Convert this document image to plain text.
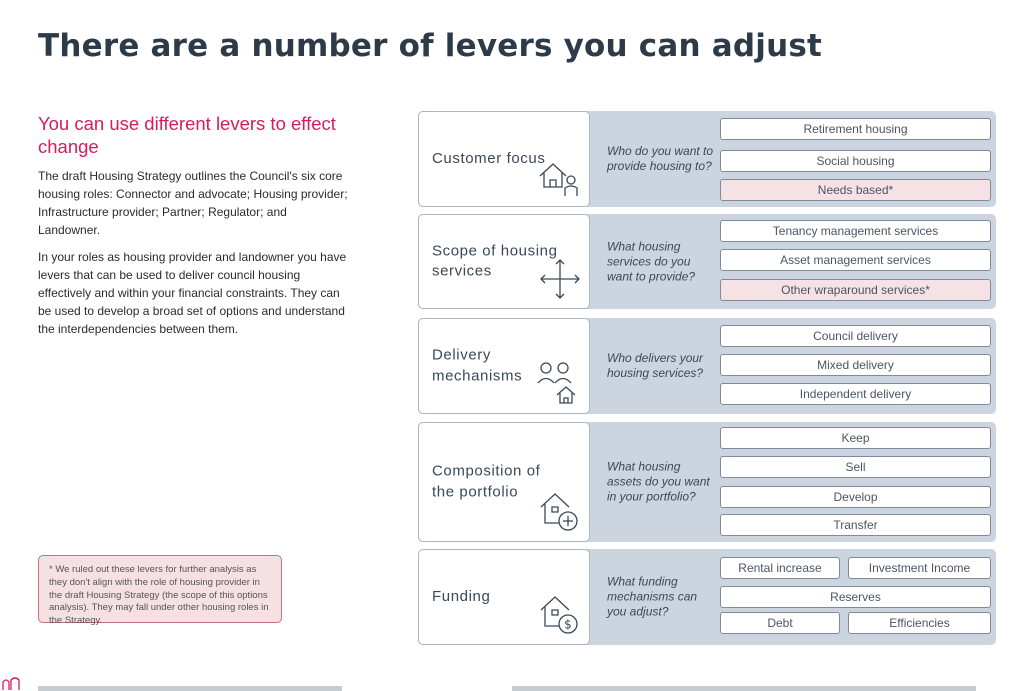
There are a number of levers you can adjust
You can use different levers to effect change
The draft Housing Strategy outlines the Council's six core housing roles: Connector and advocate; Housing provider; Infrastructure provider; Partner; Regulator; and Landowner.
In your roles as housing provider and landowner you have levers that can be used to deliver council housing effectively and within your financial constraints. They can be used to develop a broad set of options and understand the interdependencies between them.
* We ruled out these levers for further analysis as they don't align with the role of housing provider in the draft Housing Strategy (the scope of this options analysis). They may fall under other housing roles in the Strategy.
Customer focus	Who do you want to provide housing to?
Retirement housing
Social housing
Needs based*
Scope of housing services
What housing services do you want to provide?
Tenancy management services
Asset management services
Other wraparound services*
Delivery mechanisms
Who delivers your housing services?
Council delivery
Mixed delivery
Independent delivery
Composition of the portfolio
What housing assets do you want in your portfolio?
Keep
Sell
Develop
Transfer
Funding
$
What funding mechanisms can you adjust?
Rental increase	Investment Income
Reserves
Debt	Efficiencies
